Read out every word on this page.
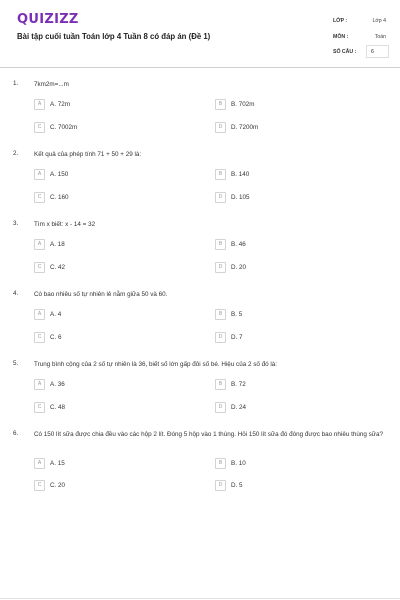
QUIZIZZ
Bài tập cuối tuần Toán lớp 4 Tuần 8 có đáp án (Đề 1)
LỚP :	Lớp 4
MÔN :	Toán
SỐ CÂU :	6
1. 7km2m=...m
A	A. 72m	B	B. 702m
C	C. 7002m	D	D. 7200m
2. Kết quả của phép tính 71 + 50 + 29 là:
A	A. 150	B	B. 140
C	C. 160	D	D. 105
3. Tìm x biết: x - 14 = 32
A	A. 18	B	B. 46
C	C. 42	D	D. 20
4. Có bao nhiêu số tự nhiên lẻ nằm giữa 50 và 60.
A	A. 4	B	B. 5
C	C. 6	D	D. 7
5. Trung bình cộng của 2 số tự nhiên là 36, biết số lớn gấp đôi số bé. Hiệu của 2 số đó là:
A	A. 36	B	B. 72
C	C. 48	D	D. 24
6. Có 150 lít sữa được chia đều vào các hộp 2 lít. Đóng 5 hộp vào 1 thùng. Hỏi 150 lít sữa đó đóng được bao nhiêu thùng sữa?
A	A. 15	B	B. 10
C	C. 20	D	D. 5
